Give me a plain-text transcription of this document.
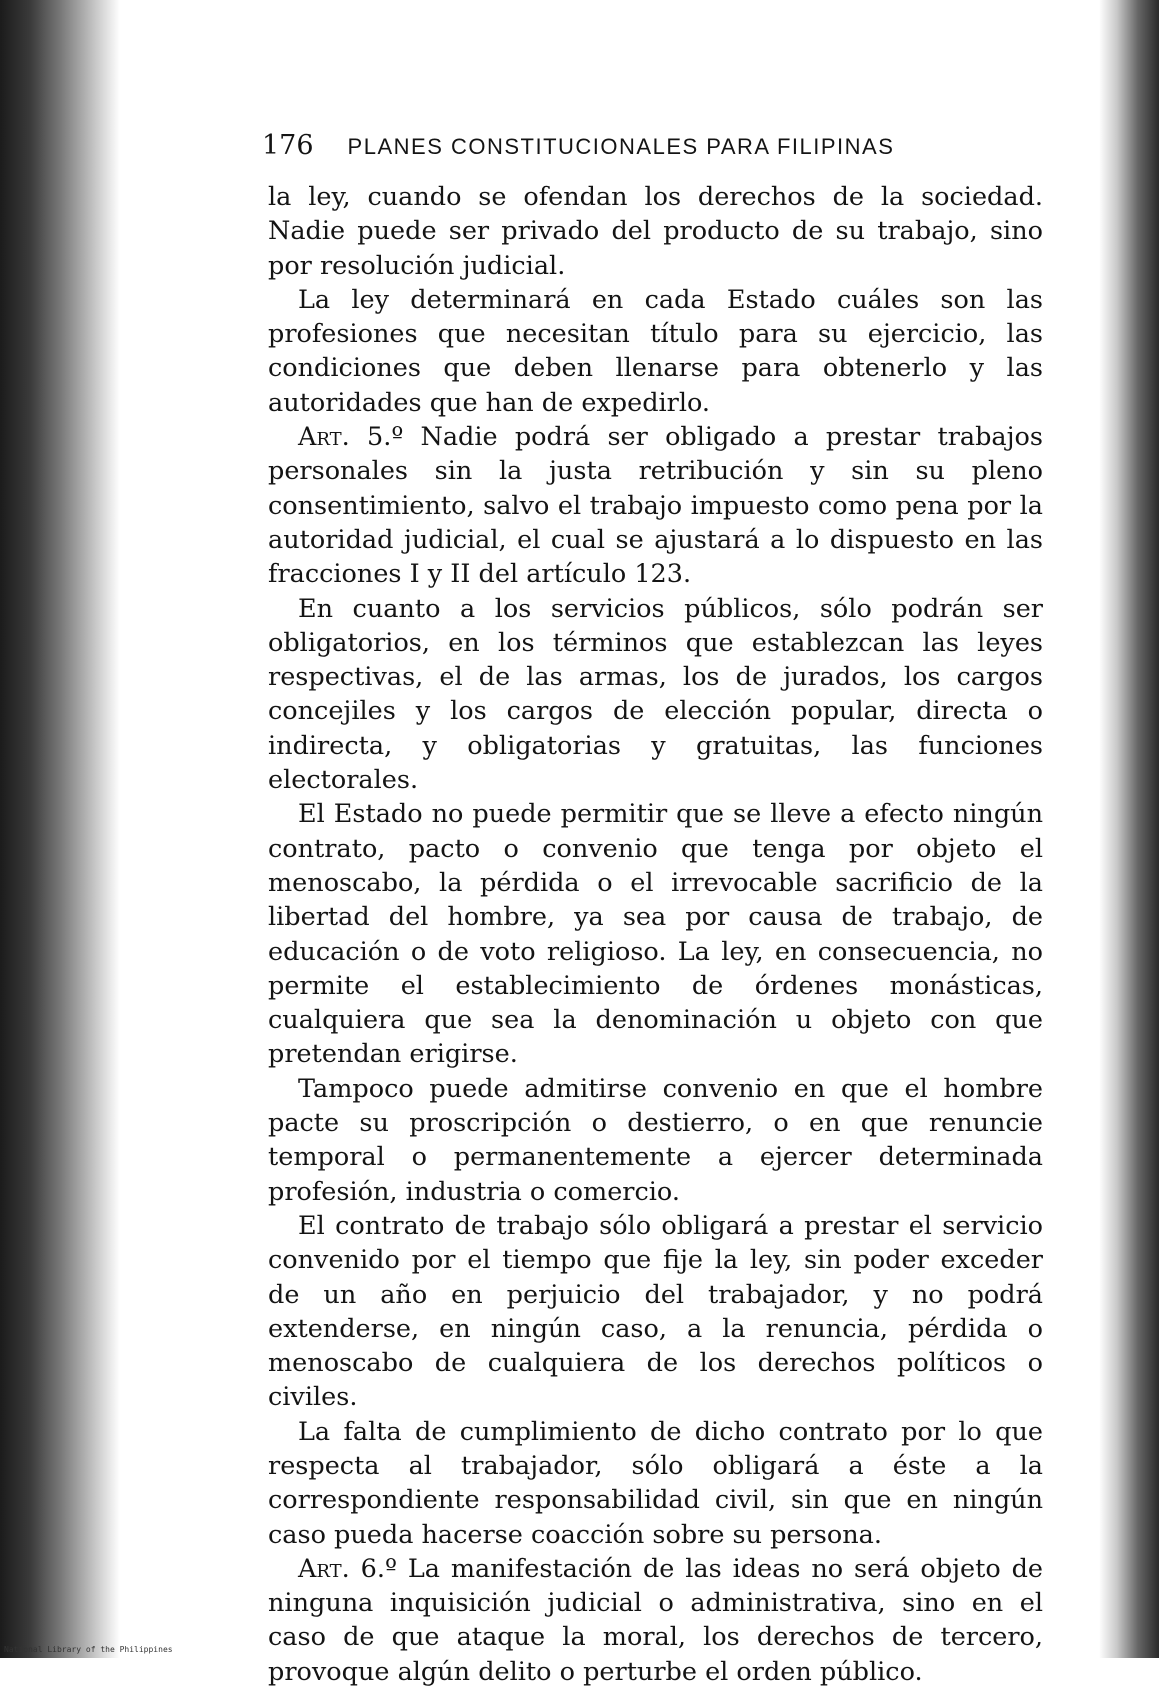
176 PLANES CONSTITUCIONALES PARA FILIPINAS

la ley, cuando se ofendan los derechos de la sociedad. Nadie puede ser privado del producto de su trabajo, sino por resolución judicial.

La ley determinará en cada Estado cuáles son las profesiones que necesitan título para su ejercicio, las condiciones que deben llenarse para obtenerlo y las autoridades que han de expedirlo.

Art. 5.º Nadie podrá ser obligado a prestar trabajos personales sin la justa retribución y sin su pleno consentimiento, salvo el trabajo impuesto como pena por la autoridad judicial, el cual se ajustará a lo dispuesto en las fracciones I y II del artículo 123.

En cuanto a los servicios públicos, sólo podrán ser obligatorios, en los términos que establezcan las leyes respectivas, el de las armas, los de jurados, los cargos concejiles y los cargos de elección popular, directa o indirecta, y obligatorias y gratuitas, las funciones electorales.

El Estado no puede permitir que se lleve a efecto ningún contrato, pacto o convenio que tenga por objeto el menoscabo, la pérdida o el irrevocable sacrificio de la libertad del hombre, ya sea por causa de trabajo, de educación o de voto religioso. La ley, en consecuencia, no permite el establecimiento de órdenes monásticas, cualquiera que sea la denominación u objeto con que pretendan erigirse.

Tampoco puede admitirse convenio en que el hombre pacte su proscripción o destierro, o en que renuncie temporal o permanentemente a ejercer determinada profesión, industria o comercio.

El contrato de trabajo sólo obligará a prestar el servicio convenido por el tiempo que fije la ley, sin poder exceder de un año en perjuicio del trabajador, y no podrá extenderse, en ningún caso, a la renuncia, pérdida o menoscabo de cualquiera de los derechos políticos o civiles.

La falta de cumplimiento de dicho contrato por lo que respecta al trabajador, sólo obligará a éste a la correspondiente responsabilidad civil, sin que en ningún caso pueda hacerse coacción sobre su persona.

Art. 6.º La manifestación de las ideas no será objeto de ninguna inquisición judicial o administrativa, sino en el caso de que ataque la moral, los derechos de tercero, provoque algún delito o perturbe el orden público.

National Library of the Philippines
